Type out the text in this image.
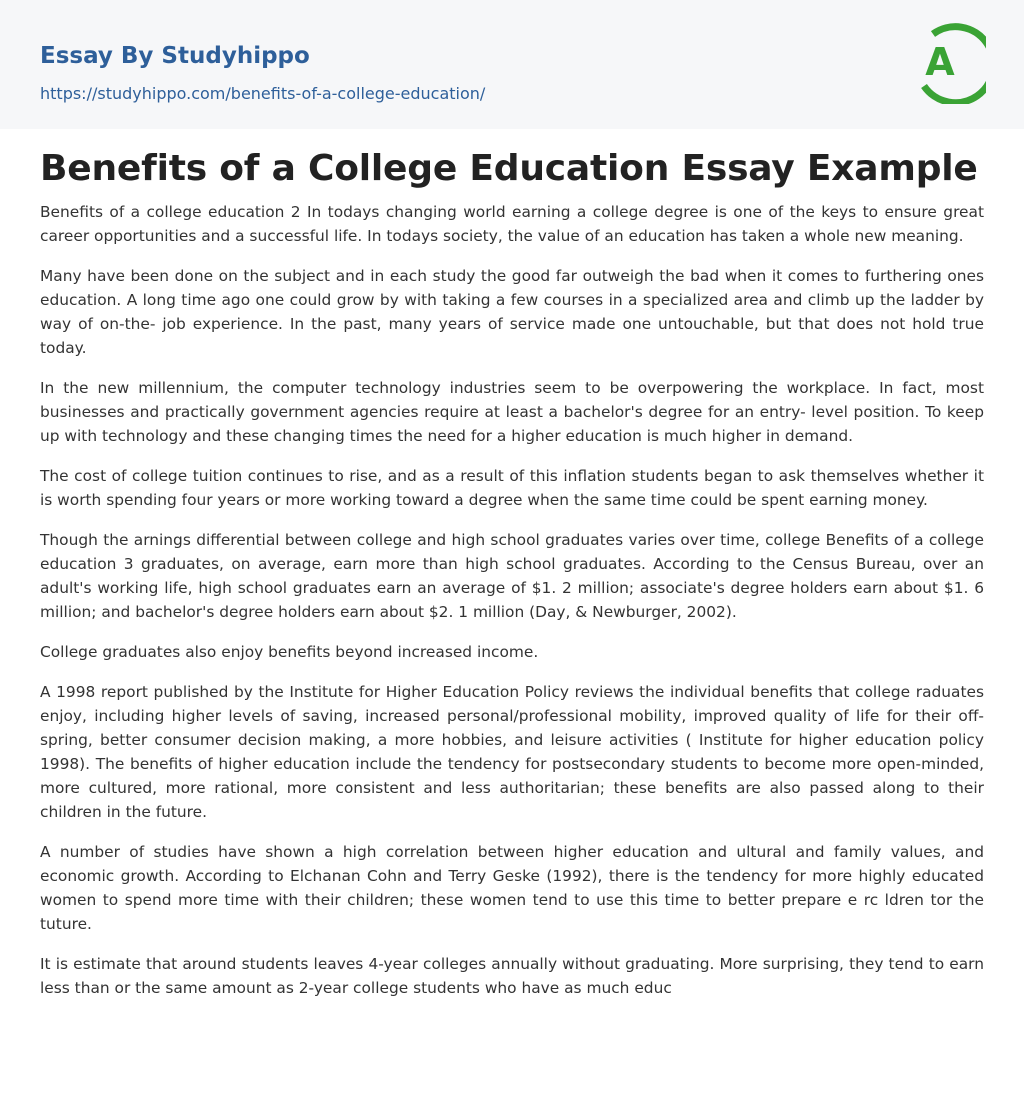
Essay By Studyhippo
https://studyhippo.com/benefits-of-a-college-education/
A
Benefits of a College Education Essay Example

Benefits of a college education 2 In todays changing world earning a college degree is one of the keys to ensure great career opportunities and a successful life. In todays society, the value of an education has taken a whole new meaning.

Many have been done on the subject and in each study the good far outweigh the bad when it comes to furthering ones education. A long time ago one could grow by with taking a few courses in a specialized area and climb up the ladder by way of on-the- job experience. In the past, many years of service made one untouchable, but that does not hold true today.

In the new millennium, the computer technology industries seem to be overpowering the workplace. In fact, most businesses and practically government agencies require at least a bachelor's degree for an entry- level position. To keep up with technology and these changing times the need for a higher education is much higher in demand.

The cost of college tuition continues to rise, and as a result of this inflation students began to ask themselves whether it is worth spending four years or more working toward a degree when the same time could be spent earning money.

Though the arnings differential between college and high school graduates varies over time, college Benefits of a college education 3 graduates, on average, earn more than high school graduates. According to the Census Bureau, over an adult's working life, high school graduates earn an average of $1. 2 million; associate's degree holders earn about $1. 6 million; and bachelor's degree holders earn about $2. 1 million (Day, & Newburger, 2002).

College graduates also enjoy benefits beyond increased income.

A 1998 report published by the Institute for Higher Education Policy reviews the individual benefits that college raduates enjoy, including higher levels of saving, increased personal/professional mobility, improved quality of life for their off-spring, better consumer decision making, a more hobbies, and leisure activities ( Institute for higher education policy 1998). The benefits of higher education include the tendency for postsecondary students to become more open-minded, more cultured, more rational, more consistent and less authoritarian; these benefits are also passed along to their children in the future.

A number of studies have shown a high correlation between higher education and ultural and family values, and economic growth. According to Elchanan Cohn and Terry Geske (1992), there is the tendency for more highly educated women to spend more time with their children; these women tend to use this time to better prepare e rc ldren tor the tuture.

It is estimate that around students leaves 4-year colleges annually without graduating. More surprising, they tend to earn less than or the same amount as 2-year college students who have as much educ
